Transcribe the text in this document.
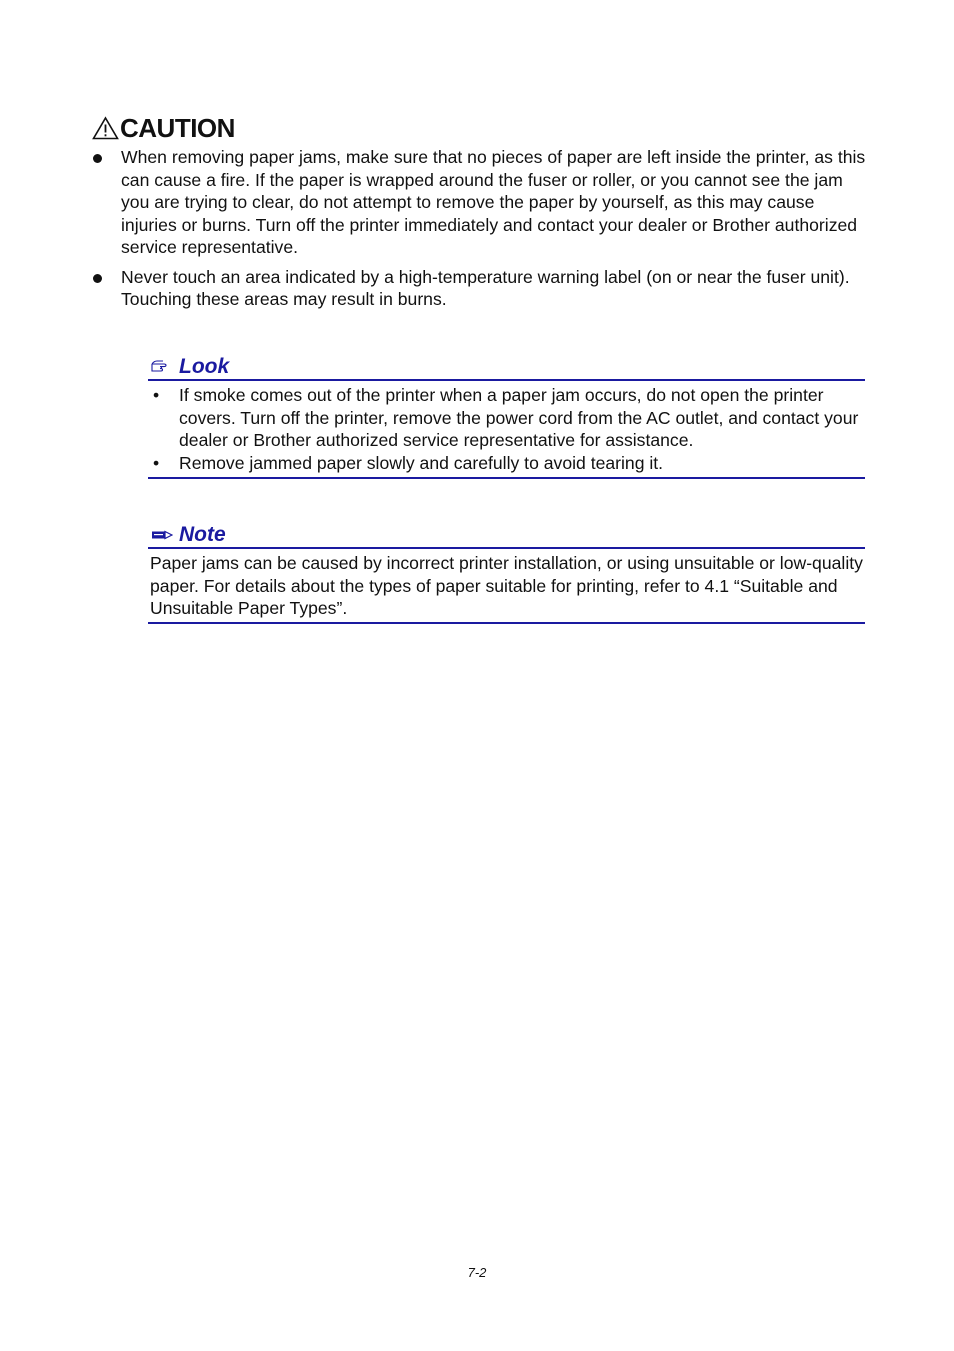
CAUTION
When removing paper jams, make sure that no pieces of paper are left inside the printer, as this can cause a fire. If the paper is wrapped around the fuser or roller, or you cannot see the jam you are trying to clear, do not attempt to remove the paper by yourself, as this may cause injuries or burns. Turn off the printer immediately and contact your dealer or Brother authorized service representative.
Never touch an area indicated by a high-temperature warning label (on or near the fuser unit). Touching these areas may result in burns.
Look
• If smoke comes out of the printer when a paper jam occurs, do not open the printer covers. Turn off the printer, remove the power cord from the AC outlet, and contact your dealer or Brother authorized service representative for assistance.
• Remove jammed paper slowly and carefully to avoid tearing it.
Note
Paper jams can be caused by incorrect printer installation, or using unsuitable or low-quality paper. For details about the types of paper suitable for printing, refer to 4.1 “Suitable and Unsuitable Paper Types”.
7-2
